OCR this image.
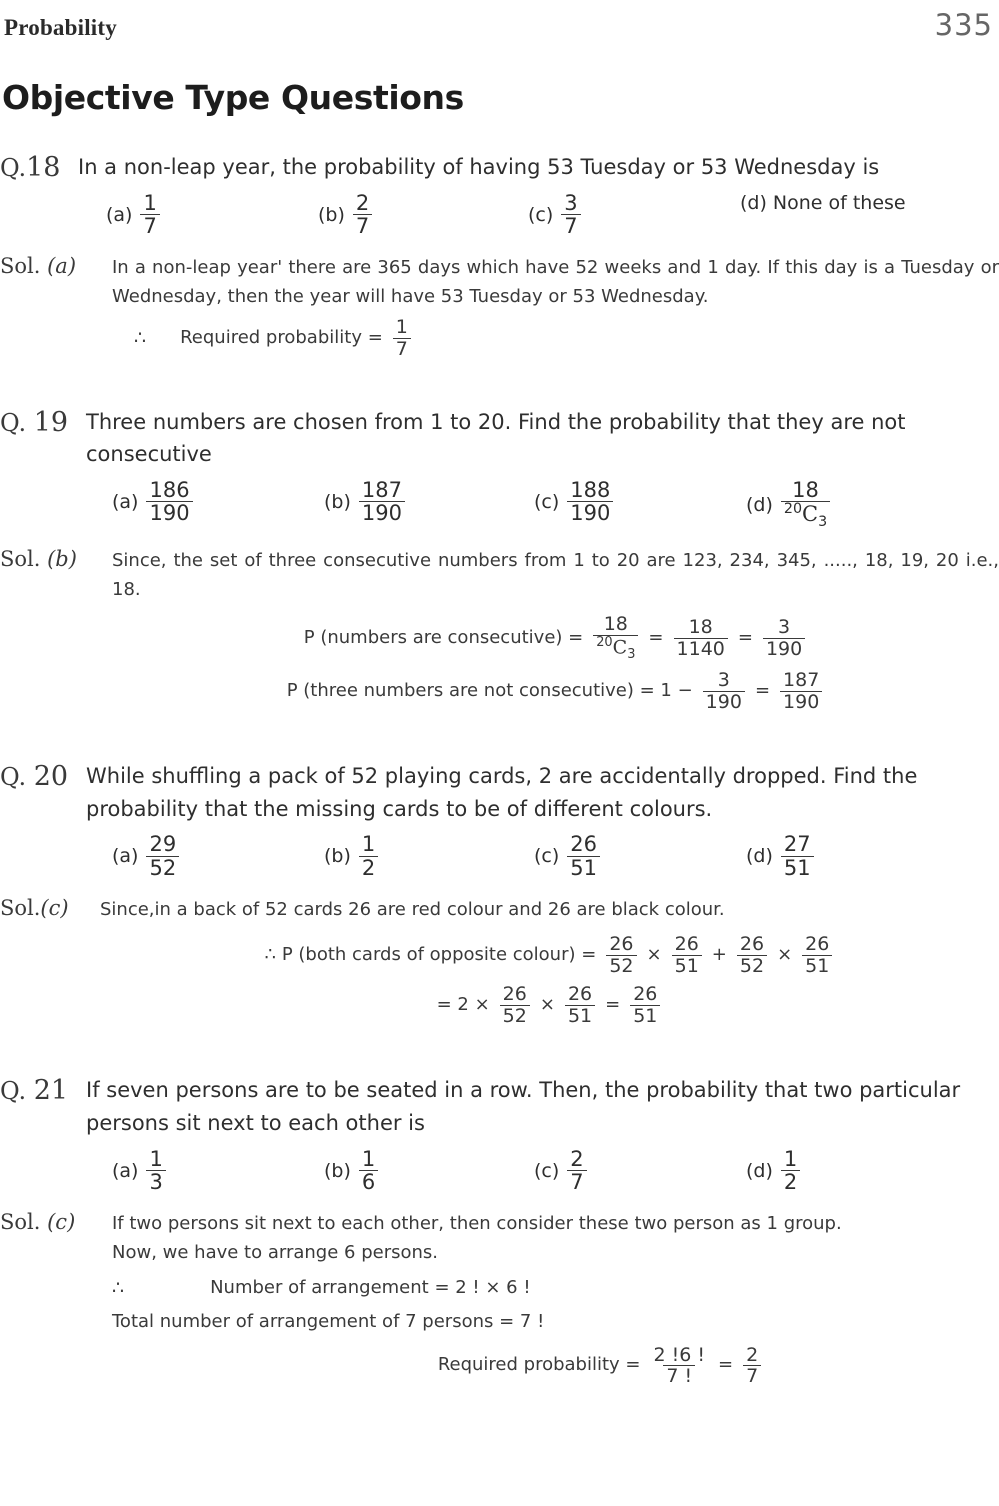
Probability	335
Objective Type Questions
Q.18 In a non-leap year, the probability of having 53 Tuesday or 53 Wednesday is
$(a) \frac{1}{7}$	$(b) \frac{2}{7}$	$(c) \frac{3}{7}$	(d) None of these
Sol. (a)	In a non-leap year' there are 365 days which have 52 weeks and 1 day. If this day is a Tuesday or Wednesday, then the year will have 53 Tuesday or 53 Wednesday.
∴ Required probability = $\frac{1}{7}$
Q. 19 Three numbers are chosen from 1 to 20. Find the probability that they are not consecutive
$(a) \frac{186}{190}$	$(b) \frac{187}{190}$	$(c) \frac{188}{190}$	$(d) \frac{18}{^{20}C_3}$
Sol. (b)	Since, the set of three consecutive numbers from 1 to 20 are 123, 234, 345, ....., 18, 19, 20 i.e., 18.
P (numbers are consecutive) = $\frac{18}{^{20}C_3} = \frac{18}{1140} = \frac{3}{190}$
P (three numbers are not consecutive) = $1 - \frac{3}{190} = \frac{187}{190}$
Q. 20 While shuffling a pack of 52 playing cards, 2 are accidentally dropped. Find the probability that the missing cards to be of different colours.
$(a) \frac{29}{52}$	$(b) \frac{1}{2}$	$(c) \frac{26}{51}$	$(d) \frac{27}{51}$
Sol.(c)	Since,in a back of 52 cards 26 are red colour and 26 are black colour.
∴ P (both cards of opposite colour) = $\frac{26}{52} \times \frac{26}{51} + \frac{26}{52} \times \frac{26}{51}$
= $2 \times \frac{26}{52} \times \frac{26}{51} = \frac{26}{51}$
Q. 21 If seven persons are to be seated in a row. Then, the probability that two particular persons sit next to each other is
$(a) \frac{1}{3}$	$(b) \frac{1}{6}$	$(c) \frac{2}{7}$	$(d) \frac{1}{2}$
Sol. (c)	If two persons sit next to each other, then consider these two person as 1 group.
Now, we have to arrange 6 persons.
∴	Number of arrangement = 2 ! × 6 !
Total number of arrangement of 7 persons = 7 !
Required probability = $\frac{2 !6 !}{7 !} = \frac{2}{7}$
